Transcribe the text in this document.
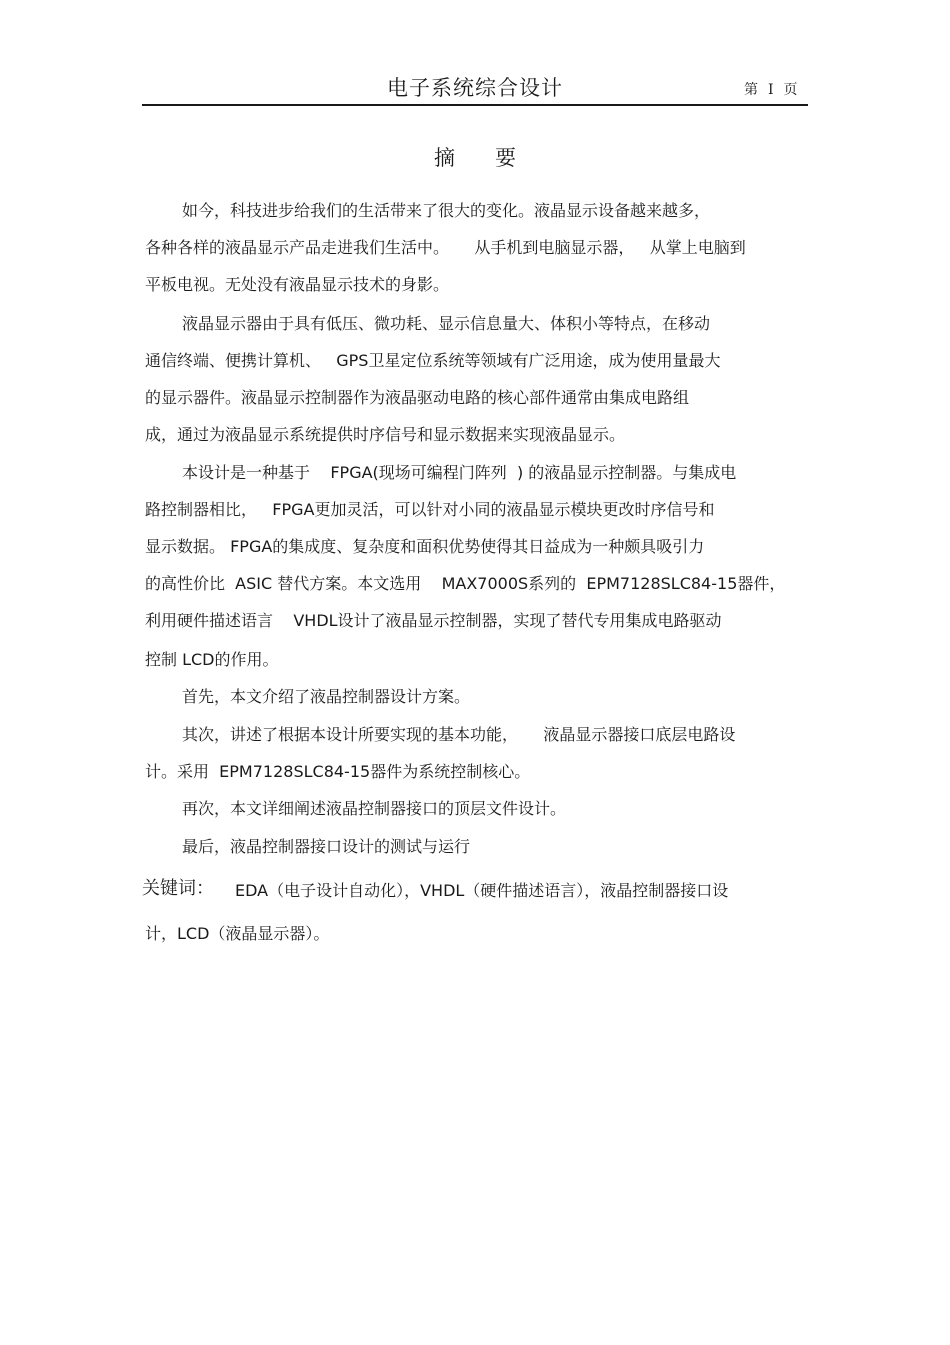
电子系统综合设计	第 I 页
摘要
如今，科技进步给我们的生活带来了很大的变化。液晶显示设备越来越多，
各种各样的液晶显示产品走进我们生活中。     从手机到电脑显示器，   从掌上电脑到
平板电视。无处没有液晶显示技术的身影。
液晶显示器由于具有低压、微功耗、显示信息量大、体积小等特点，在移动
通信终端、便携计算机、   GPS卫星定位系统等领域有广泛用途，成为使用量最大
的显示器件。液晶显示控制器作为液晶驱动电路的核心部件通常由集成电路组
成，通过为液晶显示系统提供时序信号和显示数据来实现液晶显示。
本设计是一种基于    FPGA(现场可编程门阵列  ) 的液晶显示控制器。与集成电
路控制器相比，   FPGA更加灵活，可以针对小同的液晶显示模块更改时序信号和
显示数据。 FPGA的集成度、复杂度和面积优势使得其日益成为一种颇具吸引力
的高性价比  ASIC 替代方案。本文选用    MAX7000S系列的  EPM7128SLC84-15器件，
利用硬件描述语言    VHDL设计了液晶显示控制器，实现了替代专用集成电路驱动
控制 LCD的作用。
首先，本文介绍了液晶控制器设计方案。
其次，讲述了根据本设计所要实现的基本功能，     液晶显示器接口底层电路设
计。采用  EPM7128SLC84-15器件为系统控制核心。
再次，本文详细阐述液晶控制器接口的顶层文件设计。
最后，液晶控制器接口设计的测试与运行
关键词： EDA（电子设计自动化），VHDL（硬件描述语言），液晶控制器接口设
计，LCD（液晶显示器）。
